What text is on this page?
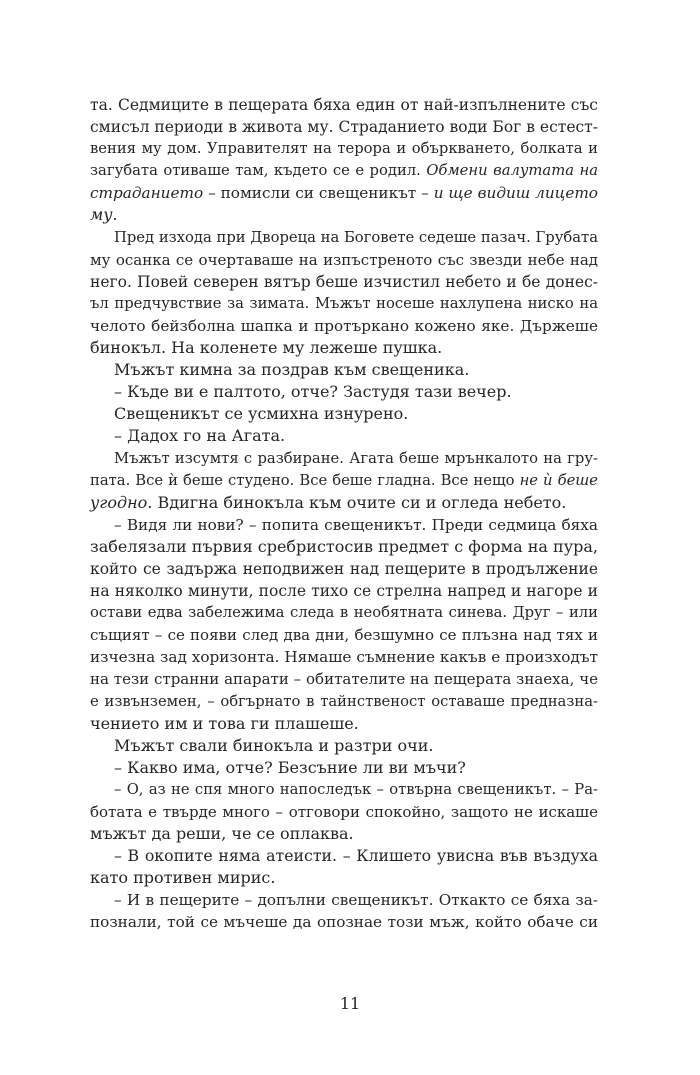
та. Седмиците в пещерата бяха един от най-изпълнените със
смисъл периоди в живота му. Страданието води Бог в естест-
вения му дом. Управителят на терора и объркването, болката и
загубата отиваше там, където се е родил. Обмени валутата на
страданието – помисли си свещеникът – и ще видиш лицето
му.
Пред изхода при Двореца на Боговете седеше пазач. Грубата
му осанка се очертаваше на изпъстреното със звезди небе над
него. Повей северен вятър беше изчистил небето и бе донес-
ъл предчувствие за зимата. Мъжът носеше нахлупена ниско на
челото бейзболна шапка и протъркано кожено яке. Държеше
бинокъл. На коленете му лежеше пушка.
Мъжът кимна за поздрав към свещеника.
– Къде ви е палтото, отче? Застудя тази вечер.
Свещеникът се усмихна изнурено.
– Дадох го на Агата.
Мъжът изсумтя с разбиране. Агата беше мрънкалото на гру-
пата. Все ѝ беше студено. Все беше гладна. Все нещо не ѝ беше
угодно. Вдигна бинокъла към очите си и огледа небето.
– Видя ли нови? – попита свещеникът. Преди седмица бяха
забелязали първия сребристосив предмет с форма на пура,
който се задържа неподвижен над пещерите в продължение
на няколко минути, после тихо се стрелна напред и нагоре и
остави едва забележима следа в необятната синева. Друг – или
същият – се появи след два дни, безшумно се плъзна над тях и
изчезна зад хоризонта. Нямаше съмнение какъв е произходът
на тези странни апарати – обитателите на пещерата знаеха, че
е извънземен, – обгърнато в тайнственост оставаше предназна-
чението им и това ги плашеше.
Мъжът свали бинокъла и разтри очи.
– Какво има, отче? Безсъние ли ви мъчи?
– О, аз не спя много напоследък – отвърна свещеникът. – Ра-
ботата е твърде много – отговори спокойно, защото не искаше
мъжът да реши, че се оплаква.
– В окопите няма атеисти. – Клишето увисна във въздуха
като противен мирис.
– И в пещерите – допълни свещеникът. Откакто се бяха за-
познали, той се мъчеше да опознае този мъж, който обаче си
11
